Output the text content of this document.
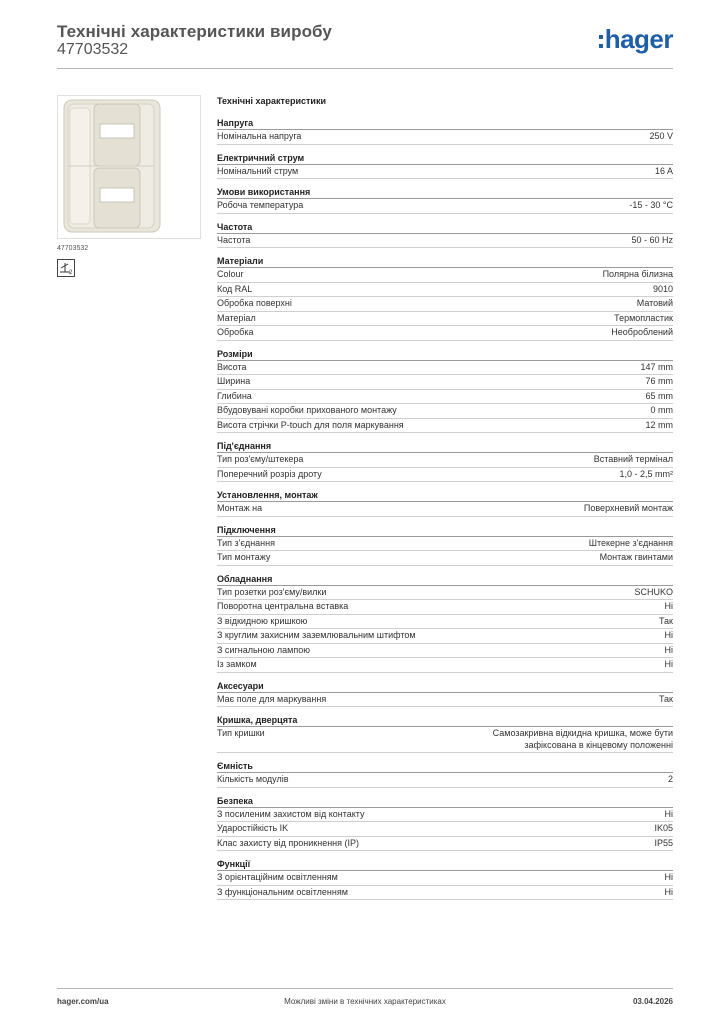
Технічні характеристики виробу
47703532	hager
47703532
2
Технічні характеристики
Напруга
Номінальна напруга	250 V
Електричний струм
Номінальний струм	16 A
Умови використання
Робоча температура	-15 - 30 °C
Частота
Частота	50 - 60 Hz
Матеріали
Colour	Полярна білизна
Код RAL	9010
Обробка поверхні	Матовий
Матеріал	Термопластик
Обробка	Необроблений
Розміри
Висота	147 mm
Ширина	76 mm
Глибина	65 mm
Вбудовувані коробки прихованого монтажу	0 mm
Висота стрічки P-touch для поля маркування	12 mm
Під'єднання
Тип роз'єму/штекера	Вставний термінал
Поперечний розріз дроту	1,0 - 2,5 mm²
Установлення, монтаж
Монтаж на	Поверхневий монтаж
Підключення
Тип з'єднання	Штекерне з'єднання
Тип монтажу	Монтаж гвинтами
Обладнання
Тип розетки роз'єму/вилки	SCHUKO
Поворотна центральна вставка	Ні
З відкидною кришкою	Так
З круглим захисним заземлювальним штифтом	Ні
З сигнальною лампою	Ні
Із замком	Ні
Аксесуари
Має поле для маркування	Так
Кришка, дверцята
Тип кришки	Самозакривна відкидна кришка, може бути зафіксована в кінцевому положенні
Ємність
Кількість модулів	2
Безпека
З посиленим захистом від контакту	Ні
Ударостійкість IK	IK05
Клас захисту від проникнення (IP)	IP55
Функції
З орієнтаційним освітленням	Ні
З функціональним освітленням	Ні
hager.com/ua	Можливі зміни в технічних характеристиках	03.04.2026
